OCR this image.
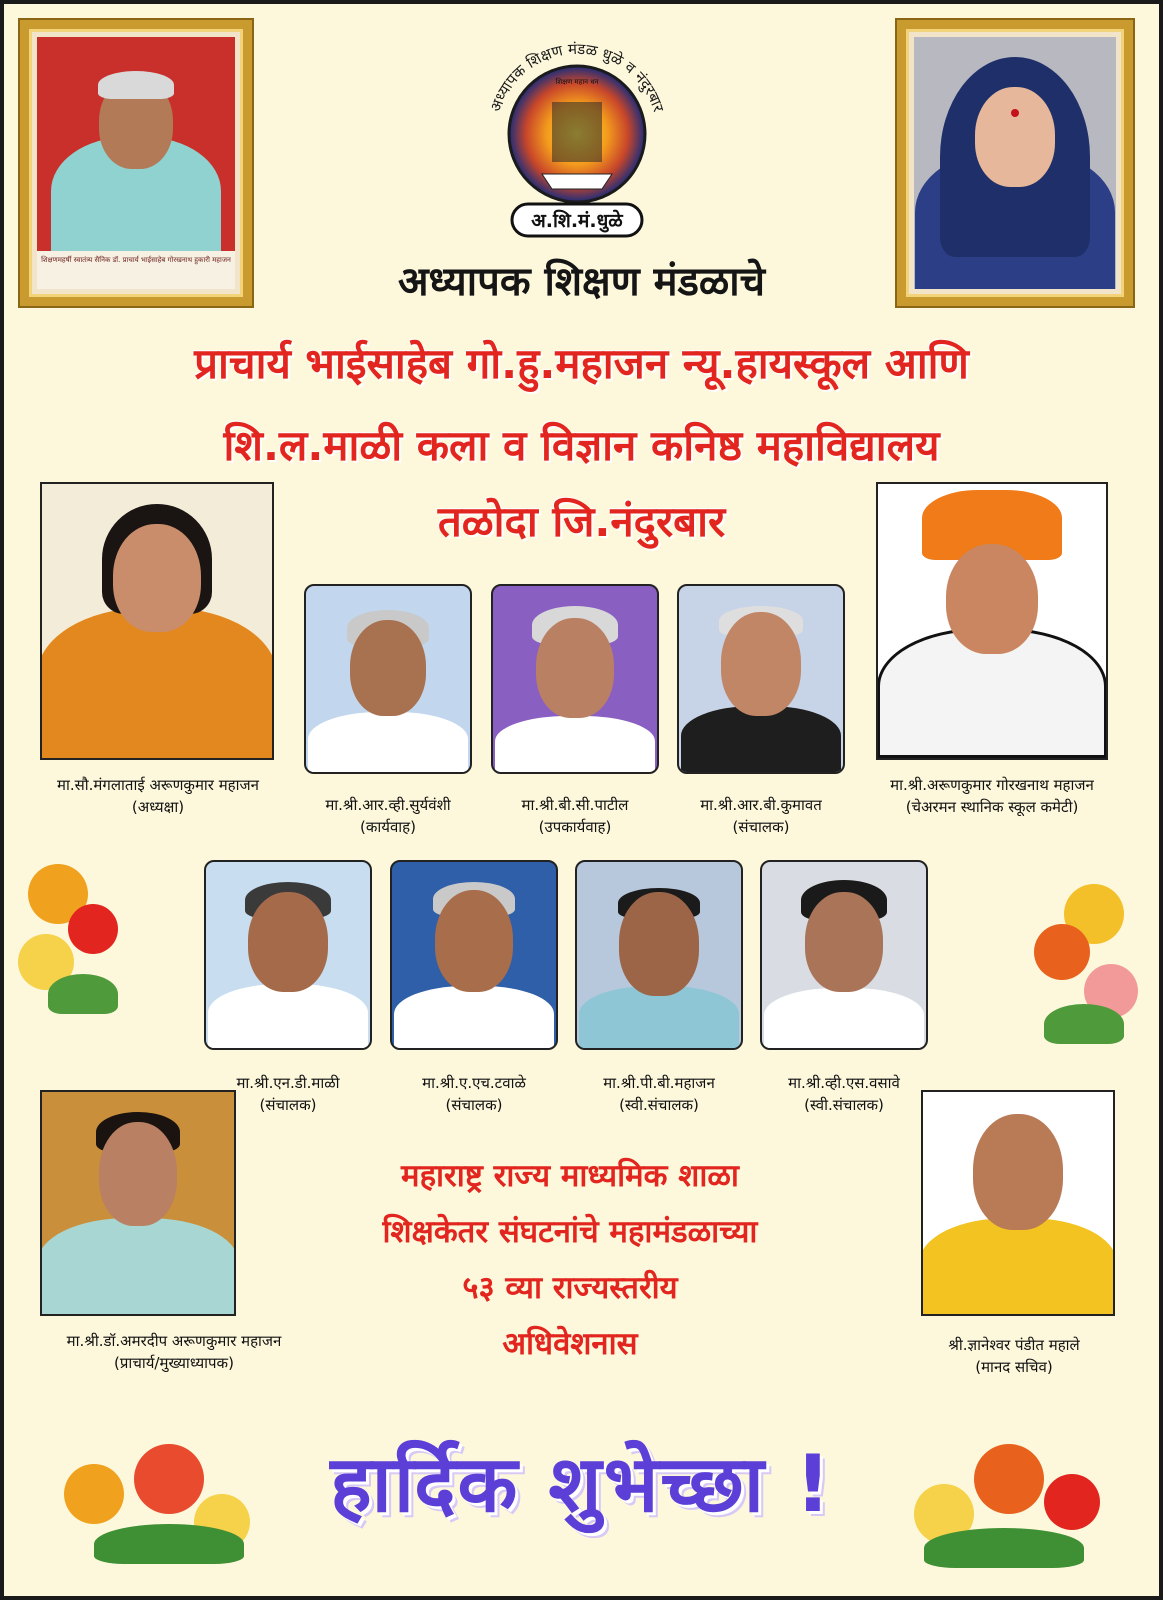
शिक्षणमहर्षी स्वातंत्र्य सैनिक डॉ. प्राचार्य भाईसाहेब गोरखनाथ हुकारी महाजन
अध्यापक शिक्षण मंडळ धुळे व नंदुरबार
शिक्षण महान धन
अ.शि.मं.धुळे
अध्यापक शिक्षण मंडळाचे
प्राचार्य भाईसाहेब गो.हु.महाजन न्यू.हायस्कूल आणि
शि.ल.माळी कला व विज्ञान कनिष्ठ महाविद्यालय
तळोदा जि.नंदुरबार
मा.सौ.मंगलाताई अरूणकुमार महाजन
(अध्यक्षा)
मा.श्री.अरूणकुमार गोरखनाथ महाजन
(चेअरमन स्थानिक स्कूल कमेटी)
मा.श्री.आर.व्ही.सुर्यवंशी
(कार्यवाह)
मा.श्री.बी.सी.पाटील
(उपकार्यवाह)
मा.श्री.आर.बी.कुमावत
(संचालक)
मा.श्री.एन.डी.माळी
(संचालक)
मा.श्री.ए.एच.टवाळे
(संचालक)
मा.श्री.पी.बी.महाजन
(स्वी.संचालक)
मा.श्री.व्ही.एस.वसावे
(स्वी.संचालक)
मा.श्री.डॉ.अमरदीप अरूणकुमार महाजन
(प्राचार्य/मुख्याध्यापक)
श्री.ज्ञानेश्वर पंडीत महाले
(मानद सचिव)
महाराष्ट्र राज्य माध्यमिक शाळा
शिक्षकेतर संघटनांचे महामंडळाच्या
५३ व्या राज्यस्तरीय
अधिवेशनास
हार्दिक शुभेच्छा !
